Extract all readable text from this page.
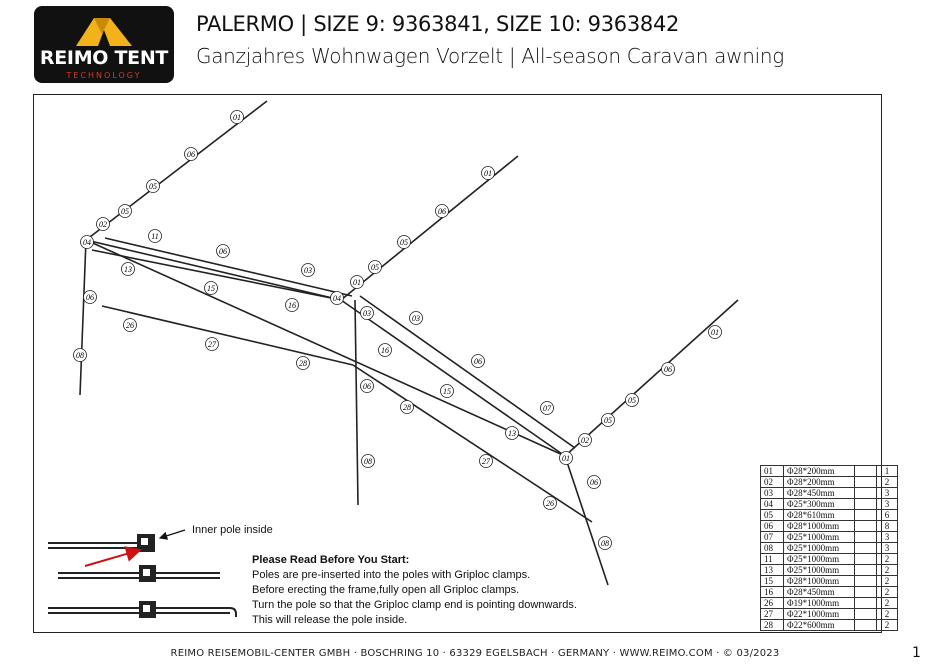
REIMO TENT
TECHNOLOGY
PALERMO | SIZE 9: 9363841, SIZE 10: 9363842
Ganzjahres Wohnwagen Vorzelt | All-season Caravan awning
01
01
01
01
01
02
02
03
03
03
04
04
05
05
05
05
05
05
06
06
06
06
06
06
06
06
07
08
08
08
11
13
13
15
15
16
16
26
26
27
27
28
28
Inner pole inside
01	Φ28*200mm		1
02	Φ28*200mm		2
03	Φ28*450mm		3
04	Φ25*300mm		3
05	Φ28*610mm		6
06	Φ28*1000mm		8
07	Φ25*1000mm		3
08	Φ25*1000mm		3
11	Φ25*1000mm		2
13	Φ25*1000mm		2
15	Φ28*1000mm		2
16	Φ28*450mm		2
26	Φ19*1000mm		2
27	Φ22*1000mm		2
28	Φ22*600mm		2
Please Read Before You Start:
Poles are pre-inserted into the poles with Griploc clamps.
Before erecting the frame,fully open all Griploc clamps.
Turn the pole so that the Griploc clamp end is pointing downwards.
This will release the pole inside.
REIMO REISEMOBIL-CENTER GMBH · BOSCHRING 10 · 63329 EGELSBACH · GERMANY · WWW.REIMO.COM · © 03/2023	1
